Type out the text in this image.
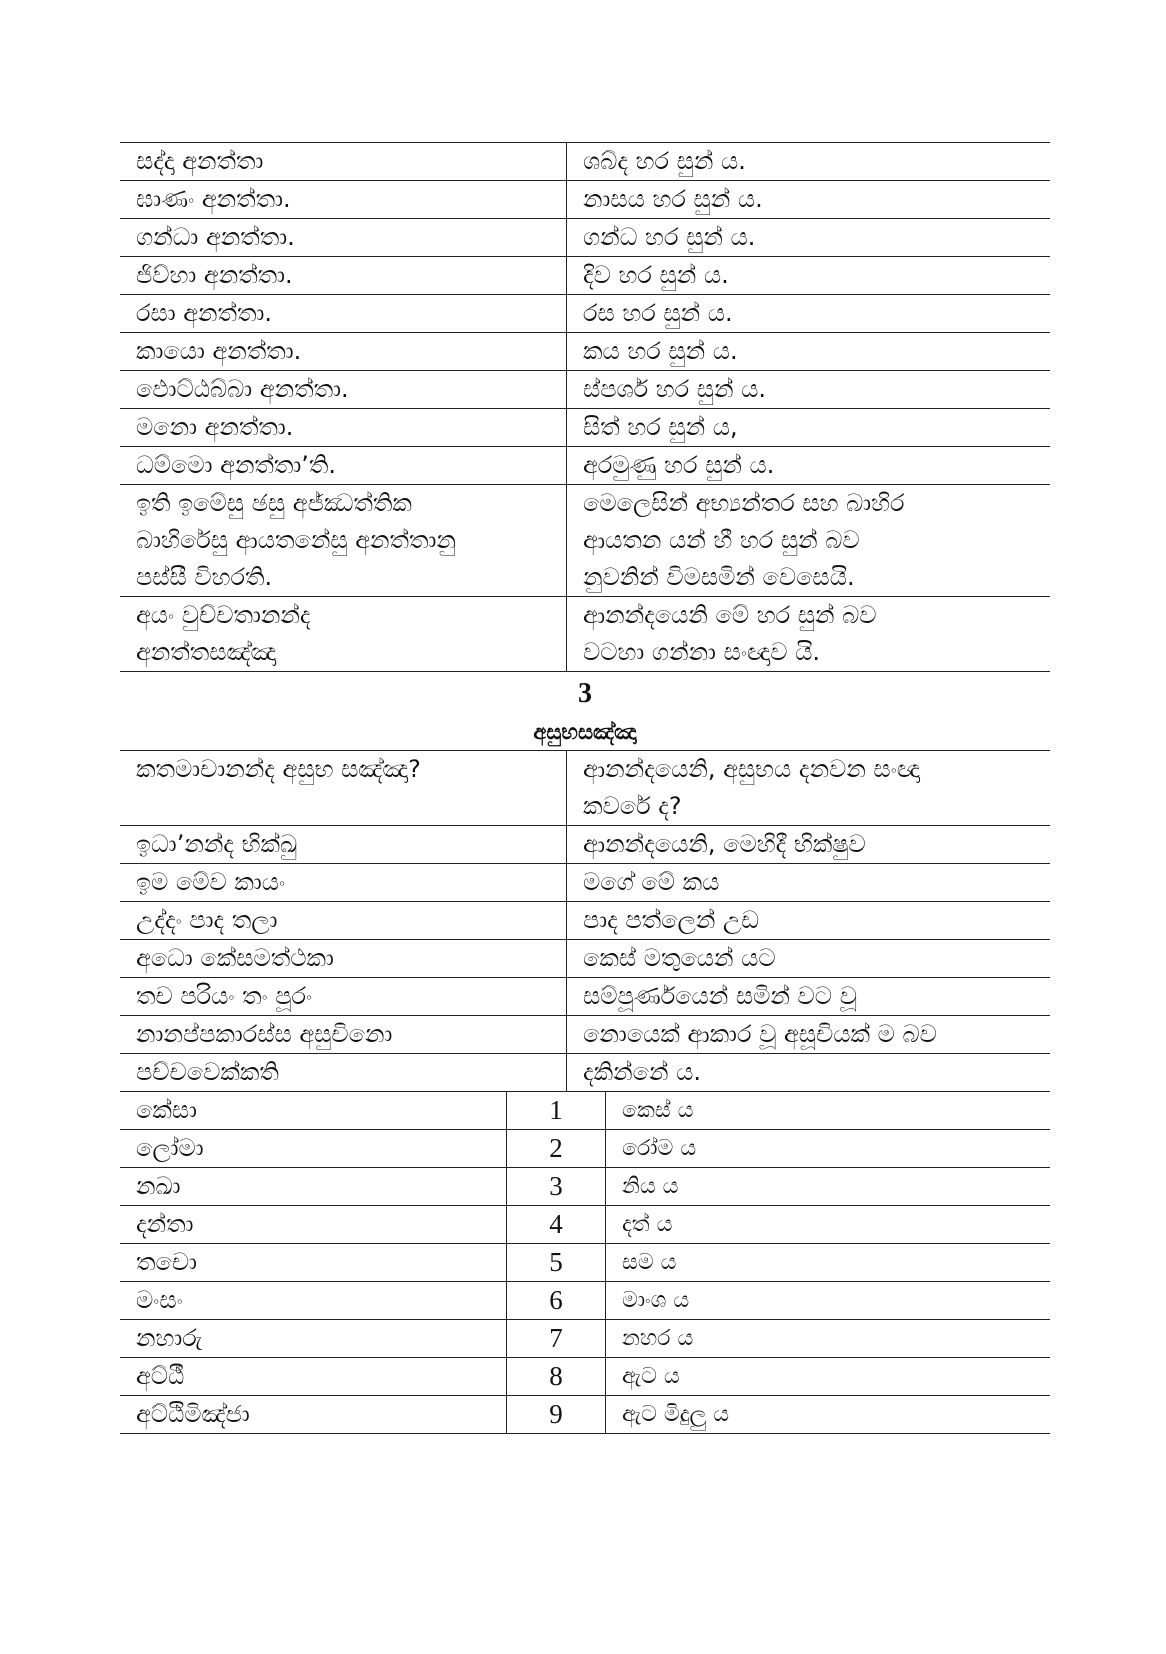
සද්දා අනත්තා	ශබ්ද හර සුන් ය.

ඝාණං අනත්තා.	නාසය හර සුන් ය.

ගන්ධා අනත්තා.	ගන්ධ හර සුන් ය.

ජිව්හා අනත්තා.	දිව හර සුන් ය.

රසා අනත්තා.	රස හර සුන් ය.

කායො අනත්තා.	කය හර සුන් ය.

ඵොට්ඨබ්බා අනත්තා.	ස්පර්ශ හර සුන් ය.

මනො අනත්තා.	සිත් හර සුන් ය,

ධම්මො අනත්තා’ති.	අරමුණු හර සුන් ය.

ඉති ඉමේසු ඡසු අජ්ඣත්තික
බාහිරේසු ආයතනේසු අනත්තානු
පස්සී විහරති.	මෙලෙසින් අභ්‍යන්තර සහ බාහිර
ආයතන යන් හී හර සුන් බව
නුවනින් විමසමින් වෙසෙයි.

අයං වුච්චතානන්ද
අනත්තසඤ්ඤා	ආනන්දයෙනි මේ හර සුන් බව
වටහා ගන්නා සංඥාව යි.
3
අසුභසඤ්ඤා
කතමාචානන්ද අසුභ සඤ්ඤා?	ආනන්දයෙනි, අසුභය දනවන සංඥා
කවරේ ද?

ඉධා’නන්ද භික්ඛු	ආනන්දයෙනි, මෙහිදී භික්ෂුව

ඉම මේව කායං	මගේ මේ කය

උද්දං පාද තලා	පාද පත්ලෙන් උඩ

අධො කේසමත්ථකා	කෙස් මතුයෙන් යට

තච පරියං තං පූරං	සම්පූර්ණයෙන් සමින් වට වූ

නානප්පකාරස්ස අසුචිනො	නොයෙක් ආකාර වූ අසූචියක් ම බව

පච්චවෙක්කති	දකින්නේ ය.
කේසා	1	කෙස් ය
ලෝමා	2	රෝම ය
නඛා	3	නිය ය
දන්තා	4	දත් ය
තචො	5	සම ය
මංසං	6	මාංශ ය
නහාරු	7	නහර ය
අට්ඨී	8	ඇට ය
අට්ඨිමිඤ්ජා	9	ඇට මිදුලු ය
